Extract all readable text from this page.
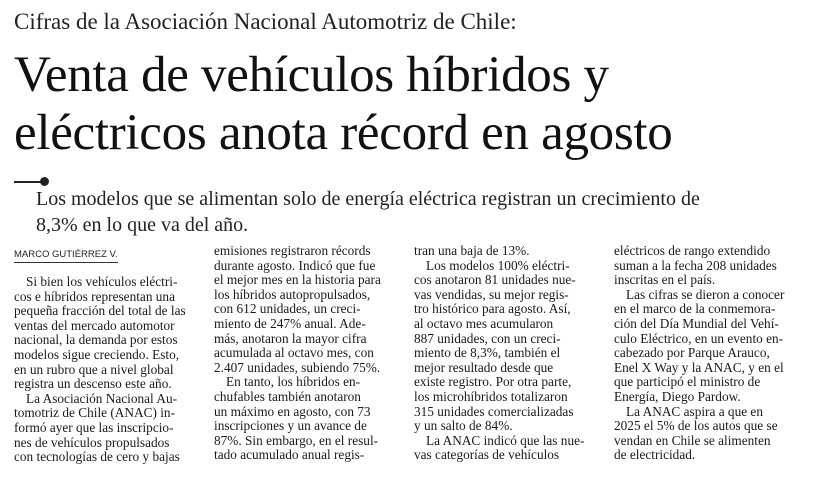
Cifras de la Asociación Nacional Automotriz de Chile:
Venta de vehículos híbridos y
eléctricos anota récord en agosto
Los modelos que se alimentan solo de energía eléctrica registran un crecimiento de
8,3% en lo que va del año.
MARCO GUTIÉRREZ V.
Si bien los vehículos eléctri-
cos e híbridos representan una
pequeña fracción del total de las
ventas del mercado automotor
nacional, la demanda por estos
modelos sigue creciendo. Esto,
en un rubro que a nivel global
registra un descenso este año.
La Asociación Nacional Au-
tomotriz de Chile (ANAC) in-
formó ayer que las inscripcio-
nes de vehículos propulsados
con tecnologías de cero y bajas
emisiones registraron récords
durante agosto. Indicó que fue
el mejor mes en la historia para
los híbridos autopropulsados,
con 612 unidades, un creci-
miento de 247% anual. Ade-
más, anotaron la mayor cifra
acumulada al octavo mes, con
2.407 unidades, subiendo 75%.
En tanto, los híbridos en-
chufables también anotaron
un máximo en agosto, con 73
inscripciones y un avance de
87%. Sin embargo, en el resul-
tado acumulado anual regis-
tran una baja de 13%.
Los modelos 100% eléctri-
cos anotaron 81 unidades nue-
vas vendidas, su mejor regis-
tro histórico para agosto. Así,
al octavo mes acumularon
887 unidades, con un creci-
miento de 8,3%, también el
mejor resultado desde que
existe registro. Por otra parte,
los microhíbridos totalizaron
315 unidades comercializadas
y un salto de 84%.
La ANAC indicó que las nue-
vas categorías de vehículos
eléctricos de rango extendido
suman a la fecha 208 unidades
inscritas en el país.
Las cifras se dieron a conocer
en el marco de la conmemora-
ción del Día Mundial del Vehí-
culo Eléctrico, en un evento en-
cabezado por Parque Arauco,
Enel X Way y la ANAC, y en el
que participó el ministro de
Energía, Diego Pardow.
La ANAC aspira a que en
2025 el 5% de los autos que se
vendan en Chile se alimenten
de electricidad.
